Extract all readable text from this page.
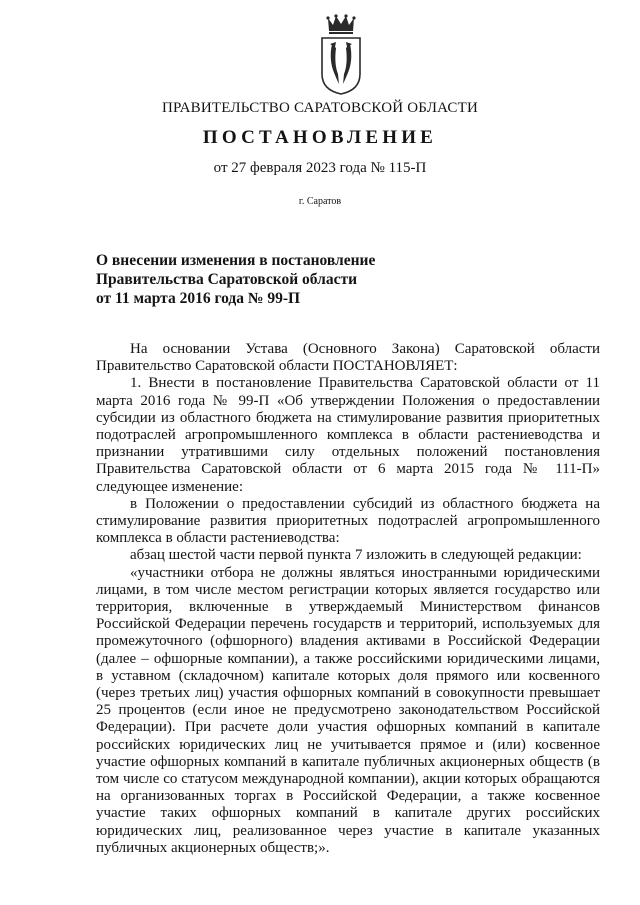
ПРАВИТЕЛЬСТВО САРАТОВСКОЙ ОБЛАСТИ
ПОСТАНОВЛЕНИЕ
от 27 февраля 2023 года № 115-П
г. Саратов
О внесении изменения в постановление
Правительства Саратовской области
от 11 марта 2016 года № 99-П

На основании Устава (Основного Закона) Саратовской области Правительство Саратовской области ПОСТАНОВЛЯЕТ:

1. Внести в постановление Правительства Саратовской области от 11 марта 2016 года № 99-П «Об утверждении Положения о предоставлении субсидии из областного бюджета на стимулирование развития приоритетных подотраслей агропромышленного комплекса в области растениеводства и признании утратившими силу отдельных положений постановления Правительства Саратовской области от 6 марта 2015 года № 111-П» следующее изменение:

в Положении о предоставлении субсидий из областного бюджета на стимулирование развития приоритетных подотраслей агропромышленного комплекса в области растениеводства:

абзац шестой части первой пункта 7 изложить в следующей редакции:

«участники отбора не должны являться иностранными юридическими лицами, в том числе местом регистрации которых является государство или территория, включенные в утверждаемый Министерством финансов Российской Федерации перечень государств и территорий, используемых для промежуточного (офшорного) владения активами в Российской Федерации (далее – офшорные компании), а также российскими юридическими лицами, в уставном (складочном) капитале которых доля прямого или косвенного (через третьих лиц) участия офшорных компаний в совокупности превышает 25 процентов (если иное не предусмотрено законодательством Российской Федерации). При расчете доли участия офшорных компаний в капитале российских юридических лиц не учитывается прямое и (или) косвенное участие офшорных компаний в капитале публичных акционерных обществ (в том числе со статусом международной компании), акции которых обращаются на организованных торгах в Российской Федерации, а также косвенное участие таких офшорных компаний в капитале других российских юридических лиц, реализованное через участие в капитале указанных публичных акционерных обществ;».
